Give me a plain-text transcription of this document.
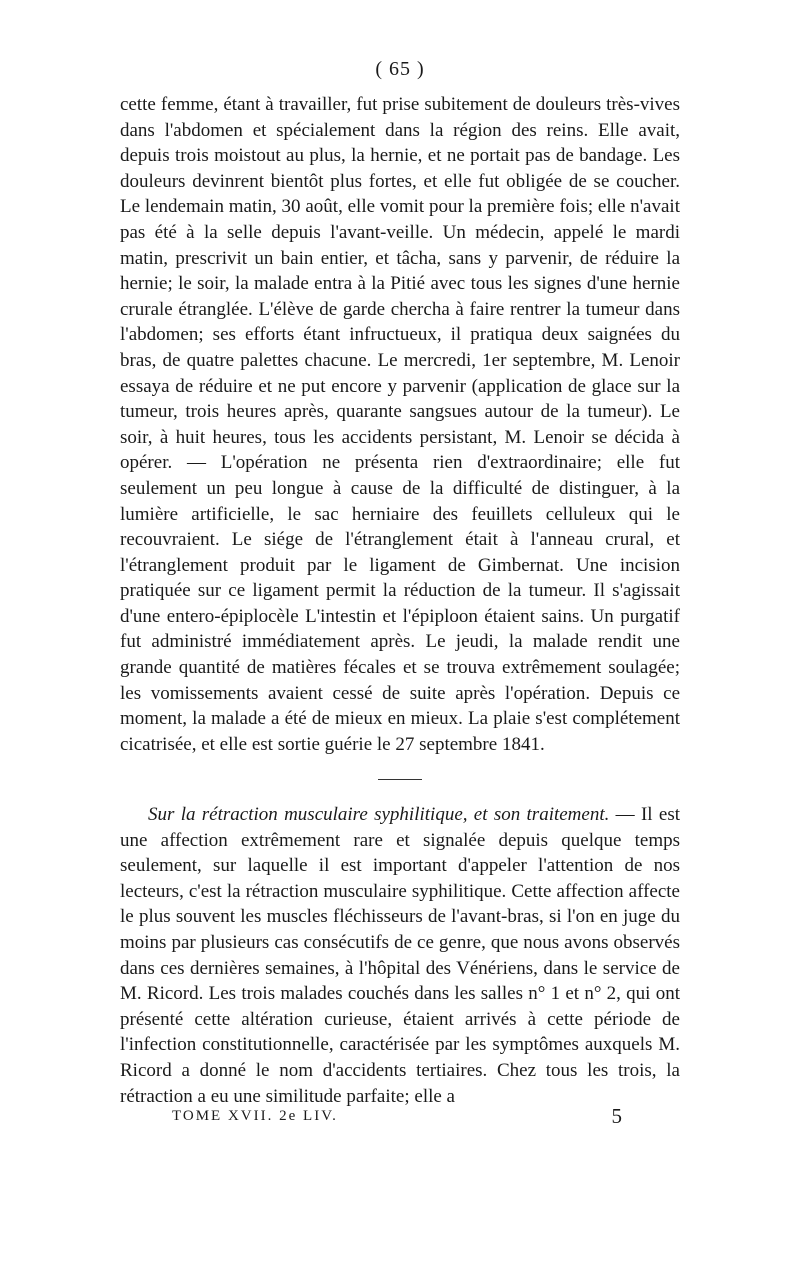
( 65 )

cette femme, étant à travailler, fut prise subitement de douleurs très-vives dans l'abdomen et spécialement dans la région des reins. Elle avait, depuis trois moistout au plus, la hernie, et ne portait pas de bandage. Les douleurs devinrent bientôt plus fortes, et elle fut obligée de se coucher. Le lendemain matin, 30 août, elle vomit pour la première fois; elle n'avait pas été à la selle depuis l'avant-veille. Un médecin, appelé le mardi matin, prescrivit un bain entier, et tâcha, sans y parvenir, de réduire la hernie; le soir, la malade entra à la Pitié avec tous les signes d'une hernie crurale étranglée. L'élève de garde chercha à faire rentrer la tumeur dans l'abdomen; ses efforts étant infructueux, il pratiqua deux saignées du bras, de quatre palettes chacune. Le mercredi, 1er septembre, M. Lenoir essaya de réduire et ne put encore y parvenir (application de glace sur la tumeur, trois heures après, quarante sangsues autour de la tumeur). Le soir, à huit heures, tous les accidents persistant, M. Lenoir se décida à opérer. — L'opération ne présenta rien d'extraordinaire; elle fut seulement un peu longue à cause de la difficulté de distinguer, à la lumière artificielle, le sac herniaire des feuillets celluleux qui le recouvraient. Le siége de l'étranglement était à l'anneau crural, et l'étranglement produit par le ligament de Gimbernat. Une incision pratiquée sur ce ligament permit la réduction de la tumeur. Il s'agissait d'une entero-épiplocèle L'intestin et l'épiploon étaient sains. Un purgatif fut administré immédiatement après. Le jeudi, la malade rendit une grande quantité de matières fécales et se trouva extrêmement soulagée; les vomissements avaient cessé de suite après l'opération. Depuis ce moment, la malade a été de mieux en mieux. La plaie s'est complétement cicatrisée, et elle est sortie guérie le 27 septembre 1841.

Sur la rétraction musculaire syphilitique, et son traitement. — Il est une affection extrêmement rare et signalée depuis quelque temps seulement, sur laquelle il est important d'appeler l'attention de nos lecteurs, c'est la rétraction musculaire syphilitique. Cette affection affecte le plus souvent les muscles fléchisseurs de l'avant-bras, si l'on en juge du moins par plusieurs cas consécutifs de ce genre, que nous avons observés dans ces dernières semaines, à l'hôpital des Vénériens, dans le service de M. Ricord. Les trois malades couchés dans les salles n° 1 et n° 2, qui ont présenté cette altération curieuse, étaient arrivés à cette période de l'infection constitutionnelle, caractérisée par les symptômes auxquels M. Ricord a donné le nom d'accidents tertiaires. Chez tous les trois, la rétraction a eu une similitude parfaite; elle a

TOME XVII. 2e LIV.	5
